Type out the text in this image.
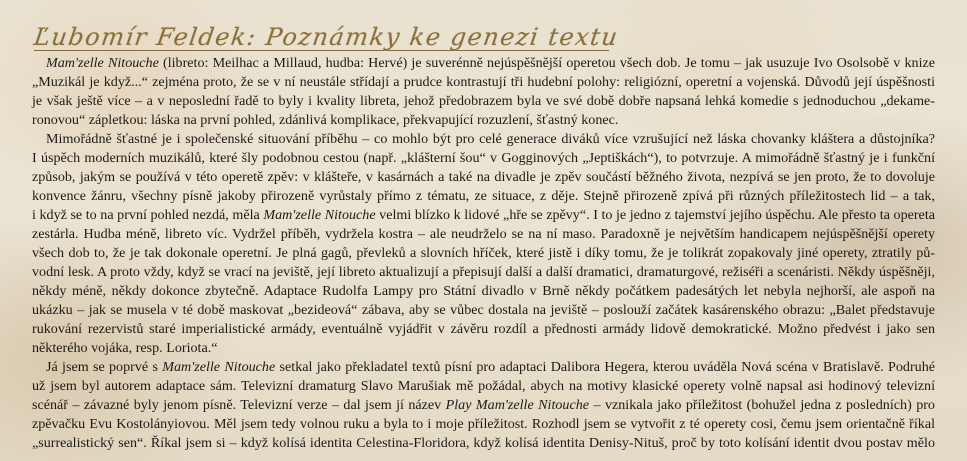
Ľubomír Feldek: Poznámky ke genezi textu
Mam'zelle Nitouche (libreto: Meilhac a Millaud, hudba: Hervé) je suverénně nejúspěšnější operetou všech dob. Je tomu – jak usuzuje Ivo Osolsobě v knize
„Muzikál je když...“ zejména proto, že se v ní neustále střídají a prudce kontrastují tři hudební polohy: religiózní, operetní a vojenská. Důvodů její úspěšnosti
je však ještě více – a v neposlední řadě to byly i kvality libreta, jehož předobrazem byla ve své době dobře napsaná lehká komedie s jednoduchou „dekame-
ronovou“ zápletkou: láska na první pohled, zdánlivá komplikace, překvapující rozuzlení, šťastný konec.
Mimořádně šťastné je i společenské situování příběhu – co mohlo být pro celé generace diváků více vzrušující než láska chovanky kláštera a důstojníka?
I úspěch moderních muzikálů, které šly podobnou cestou (např. „klášterní šou“ v Gogginových „Jeptiškách“), to potvrzuje. A mimořádně šťastný je i funkční
způsob, jakým se používá v této operetě zpěv: v klášteře, v kasárnách a také na divadle je zpěv součástí běžného života, nezpívá se jen proto, že to dovoluje
konvence žánru, všechny písně jakoby přirozeně vyrůstaly přímo z tématu, ze situace, z děje. Stejně přirozeně zpívá při různých příležitostech lid – a tak,
i když se to na první pohled nezdá, měla Mam'zelle Nitouche velmi blízko k lidové „hře se zpěvy“. I to je jedno z tajemství jejího úspěchu. Ale přesto ta opereta
zestárla. Hudba méně, libreto víc. Vydržel příběh, vydržela kostra – ale neudrželo se na ní maso. Paradoxně je největším handicapem nejúspěšnější operety
všech dob to, že je tak dokonale operetní. Je plná gagů, převleků a slovních hříček, které jistě i díky tomu, že je tolikrát zopakovaly jiné operety, ztratily pů-
vodní lesk. A proto vždy, když se vrací na jeviště, její libreto aktualizují a přepisují další a další dramatici, dramaturgové, režiséři a scenáristi. Někdy úspěšněji,
někdy méně, někdy dokonce zbytečně. Adaptace Rudolfa Lampy pro Státní divadlo v Brně někdy počátkem padesátých let nebyla nejhorší, ale aspoň na
ukázku – jak se musela v té době maskovat „bezideová“ zábava, aby se vůbec dostala na jeviště – poslouží začátek kasárenského obrazu: „Balet představuje
rukování rezervistů staré imperialistické armády, eventuálně vyjádřit v závěru rozdíl a přednosti armády lidově demokratické. Možno předvést i jako sen
některého vojáka, resp. Loriota.“
Já jsem se poprvé s Mam'zelle Nitouche setkal jako překladatel textů písní pro adaptaci Dalibora Hegera, kterou uváděla Nová scéna v Bratislavě. Podruhé
už jsem byl autorem adaptace sám. Televizní dramaturg Slavo Marušiak mě požádal, abych na motivy klasické operety volně napsal asi hodinový televizní
scénář – závazné byly jenom písně. Televizní verze – dal jsem jí název Play Mam'zelle Nitouche – vznikala jako příležitost (bohužel jedna z posledních) pro
zpěvačku Evu Kostolányiovou. Měl jsem tedy volnou ruku a byla to i moje příležitost. Rozhodl jsem se vytvořit z té operety cosi, čemu jsem orientačně říkal
„surrealistický sen“. Říkal jsem si – když kolísá identita Celestina-Floridora, když kolísá identita Denisy-Nituš, proč by toto kolísání identit dvou postav mělo
